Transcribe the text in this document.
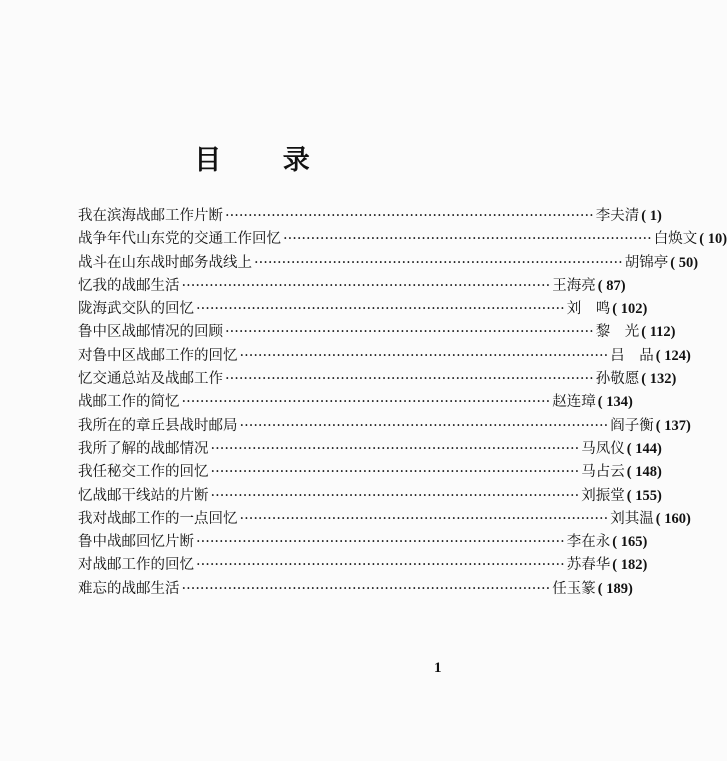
目 录
我在滨海战邮工作片断 ················································································ 李夫清 ( 1)
战争年代山东党的交通工作回忆 ················································································ 白焕文 ( 10)
战斗在山东战时邮务战线上 ················································································ 胡锦亭 ( 50)
忆我的战邮生活 ················································································ 王海亮 ( 87)
陇海武交队的回忆 ················································································ 刘　鸣 ( 102)
鲁中区战邮情况的回顾 ················································································ 黎　光 ( 112)
对鲁中区战邮工作的回忆 ················································································ 吕　品 ( 124)
忆交通总站及战邮工作 ················································································ 孙敬愿 ( 132)
战邮工作的简忆 ················································································ 赵连璋 ( 134)
我所在的章丘县战时邮局 ················································································ 阎子衡 ( 137)
我所了解的战邮情况 ················································································ 马凤仪 ( 144)
我任秘交工作的回忆 ················································································ 马占云 ( 148)
忆战邮干线站的片断 ················································································ 刘振堂 ( 155)
我对战邮工作的一点回忆 ················································································ 刘其温 ( 160)
鲁中战邮回忆片断 ················································································ 李在永 ( 165)
对战邮工作的回忆 ················································································ 苏春华 ( 182)
难忘的战邮生活 ················································································ 任玉篆 ( 189)
1
